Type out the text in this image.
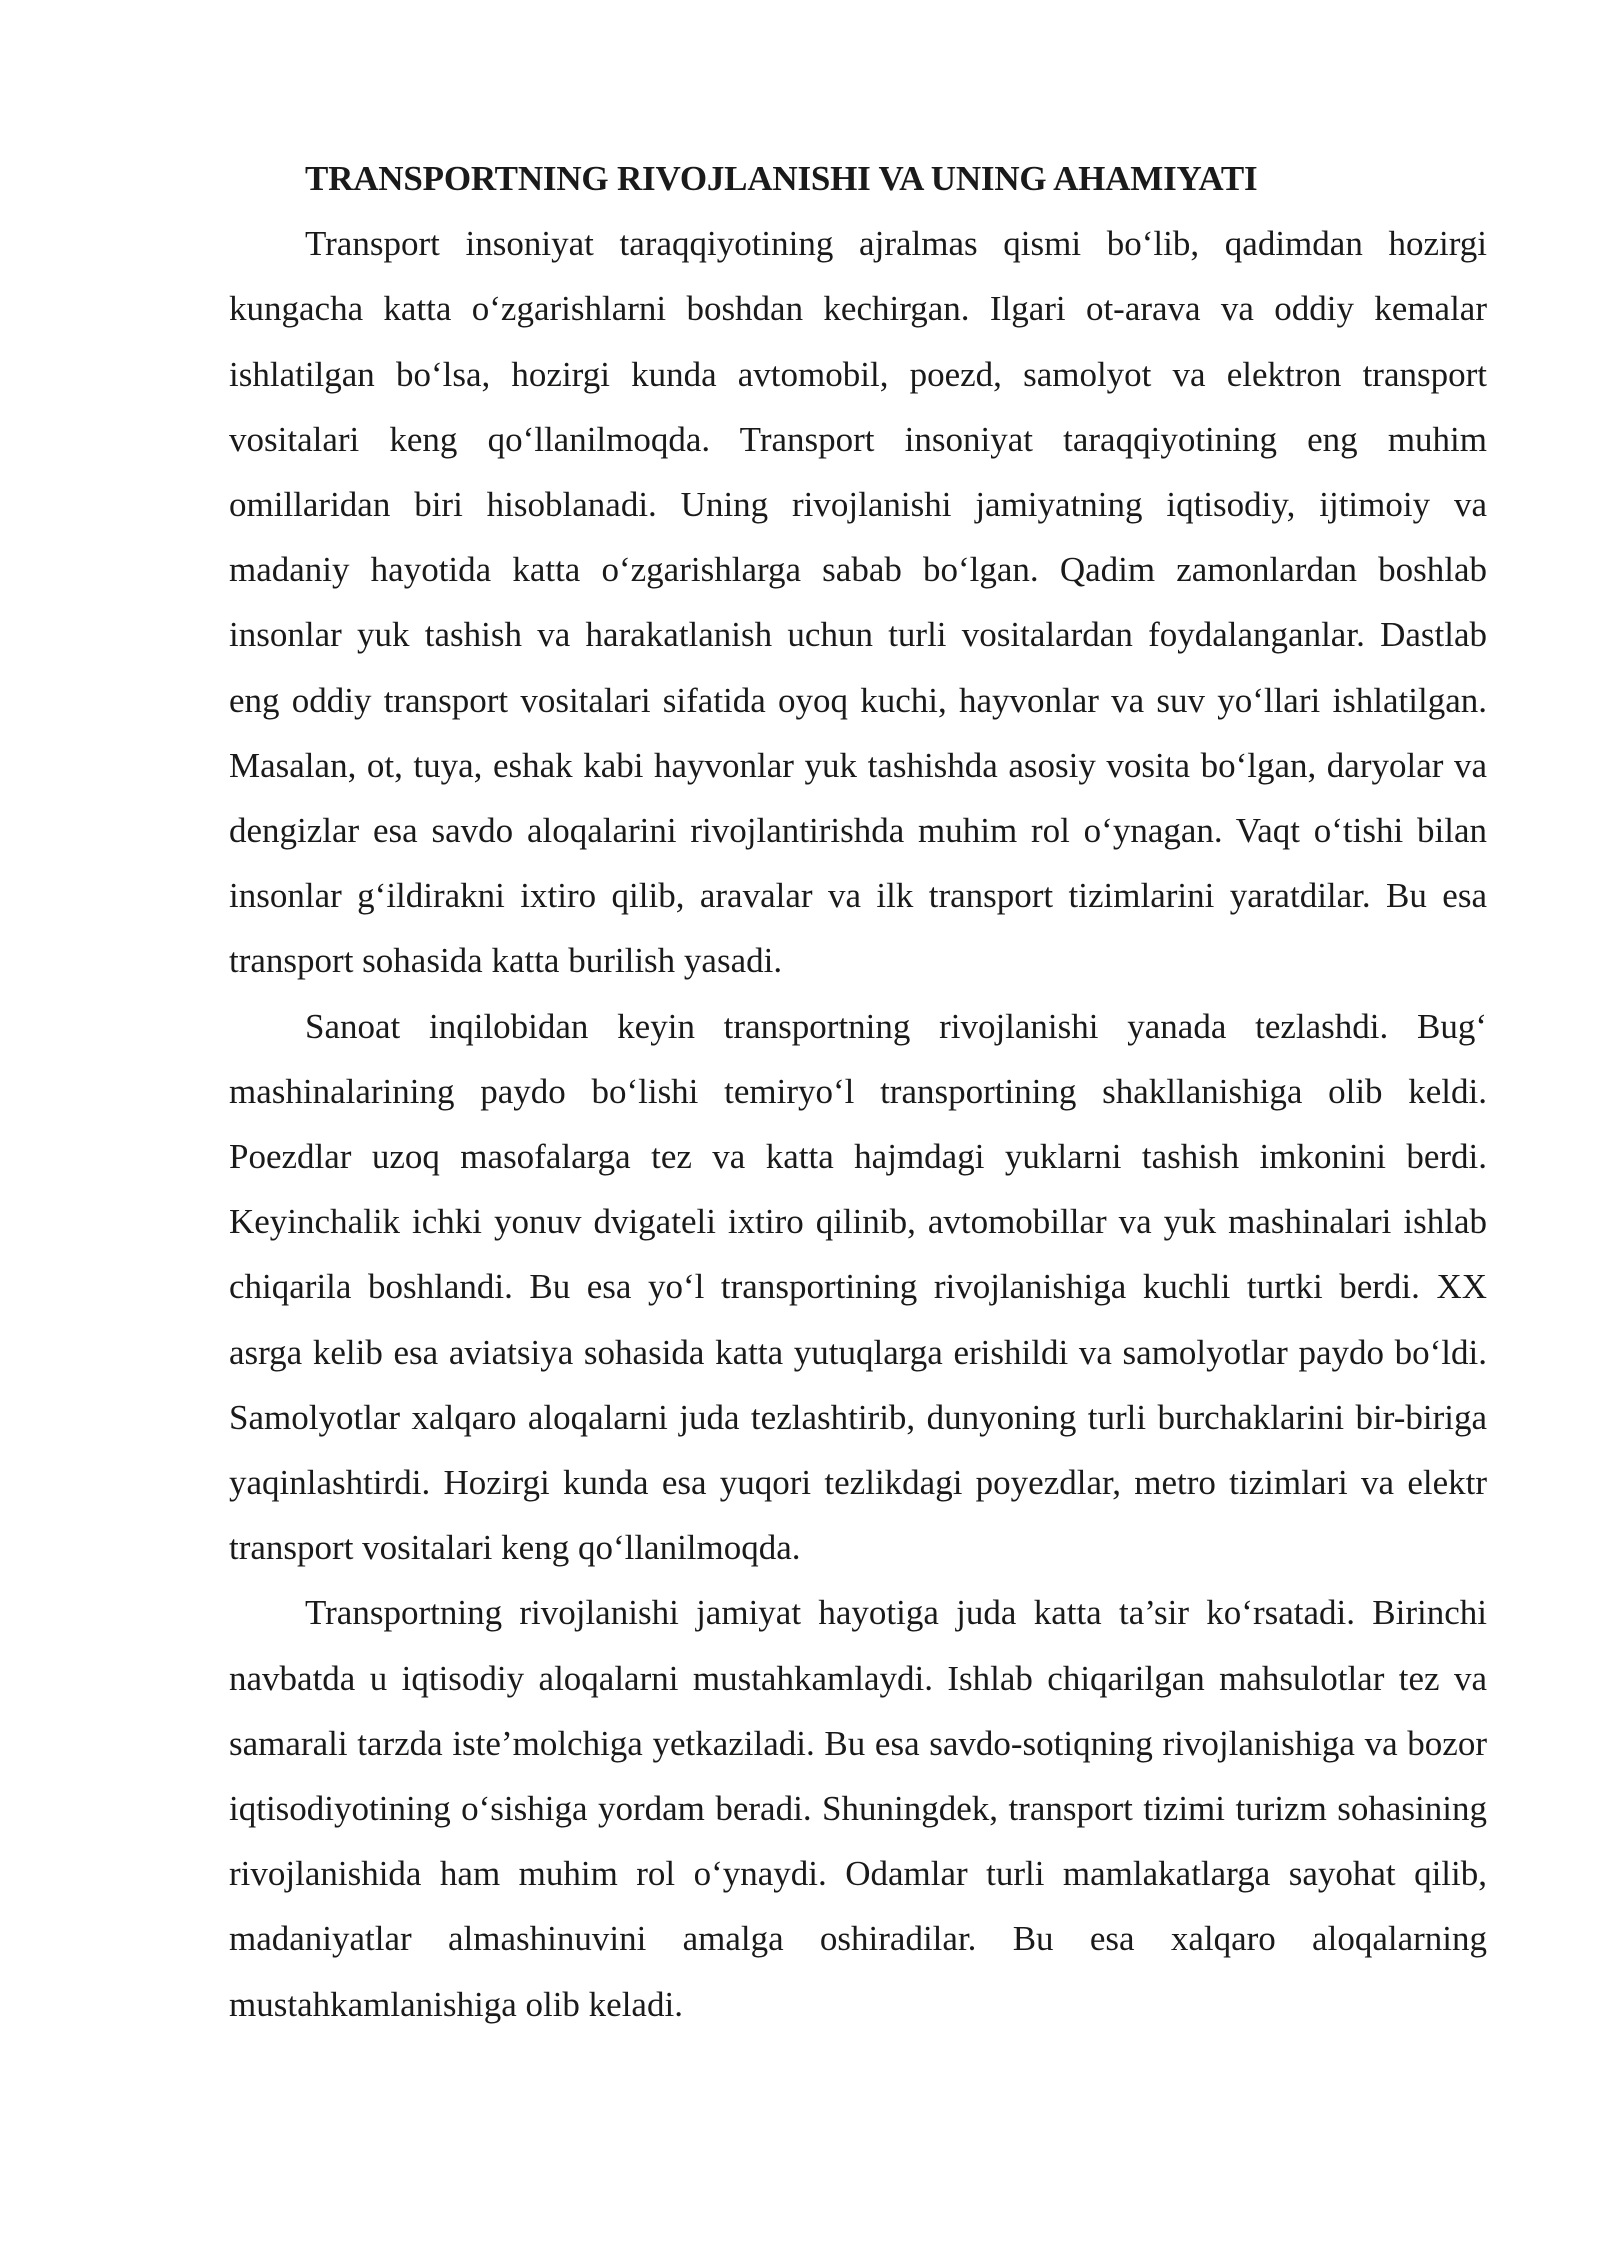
TRANSPORTNING RIVOJLANISHI VA UNING AHAMIYATI

Transport insoniyat taraqqiyotining ajralmas qismi bo‘lib, qadimdan hozirgi kungacha katta o‘zgarishlarni boshdan kechirgan. Ilgari ot-arava va oddiy kemalar ishlatilgan bo‘lsa, hozirgi kunda avtomobil, poezd, samolyot va elektron transport vositalari keng qo‘llanilmoqda. Transport insoniyat taraqqiyotining eng muhim omillaridan biri hisoblanadi. Uning rivojlanishi jamiyatning iqtisodiy, ijtimoiy va madaniy hayotida katta o‘zgarishlarga sabab bo‘lgan. Qadim zamonlardan boshlab insonlar yuk tashish va harakatlanish uchun turli vositalardan foydalanganlar. Dastlab eng oddiy transport vositalari sifatida oyoq kuchi, hayvonlar va suv yo‘llari ishlatilgan. Masalan, ot, tuya, eshak kabi hayvonlar yuk tashishda asosiy vosita bo‘lgan, daryolar va dengizlar esa savdo aloqalarini rivojlantirishda muhim rol o‘ynagan. Vaqt o‘tishi bilan insonlar g‘ildirakni ixtiro qilib, aravalar va ilk transport tizimlarini yaratdilar. Bu esa transport sohasida katta burilish yasadi.

Sanoat inqilobidan keyin transportning rivojlanishi yanada tezlashdi. Bug‘ mashinalarining paydo bo‘lishi temiryo‘l transportining shakllanishiga olib keldi. Poezdlar uzoq masofalarga tez va katta hajmdagi yuklarni tashish imkonini berdi. Keyinchalik ichki yonuv dvigateli ixtiro qilinib, avtomobillar va yuk mashinalari ishlab chiqarila boshlandi. Bu esa yo‘l transportining rivojlanishiga kuchli turtki berdi. XX asrga kelib esa aviatsiya sohasida katta yutuqlarga erishildi va samolyotlar paydo bo‘ldi. Samolyotlar xalqaro aloqalarni juda tezlashtirib, dunyoning turli burchaklarini bir-biriga yaqinlashtirdi. Hozirgi kunda esa yuqori tezlikdagi poyezdlar, metro tizimlari va elektr transport vositalari keng qo‘llanilmoqda.

Transportning rivojlanishi jamiyat hayotiga juda katta ta’sir ko‘rsatadi. Birinchi navbatda u iqtisodiy aloqalarni mustahkamlaydi. Ishlab chiqarilgan mahsulotlar tez va samarali tarzda iste’molchiga yetkaziladi. Bu esa savdo-sotiqning rivojlanishiga va bozor iqtisodiyotining o‘sishiga yordam beradi. Shuningdek, transport tizimi turizm sohasining rivojlanishida ham muhim rol o‘ynaydi. Odamlar turli mamlakatlarga sayohat qilib, madaniyatlar almashinuvini amalga oshiradilar. Bu esa xalqaro aloqalarning mustahkamlanishiga olib keladi.
